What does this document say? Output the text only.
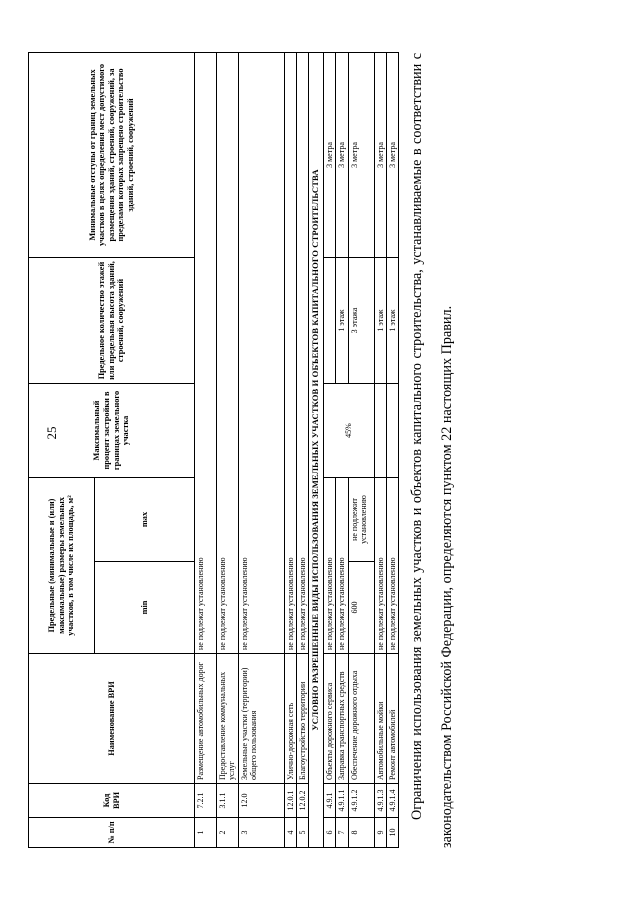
25
№ п/п	Код ВРИ	Наименование ВРИ	Предельные (минимальные и (или) максимальные) размеры земельных участков, в том числе их площадь, м²		Максимальный процент застройки в границах земельного участка	Предельное количество этажей или предельная высота зданий, строений, сооружений	Минимальные отступы от границ земельных участков в целях определения мест допустимого размещения зданий, строений, сооружений, за пределами которых запрещено строительство зданий, строений, сооружений
			min	max			
1	7.2.1	Размещение автомобильных дорог	не подлежат установлению				
2	3.1.1	Предоставление коммунальных услуг	не подлежат установлению				
3	12.0	Земельные участки (территории) общего пользования	не подлежат установлению				
4	12.0.1	Улично-дорожная сеть	не подлежат установлению				
5	12.0.2	Благоустройство территории	не подлежат установлению				
УСЛОВНО РАЗРЕШЕННЫЕ ВИДЫ ИСПОЛЬЗОВАНИЯ ЗЕМЕЛЬНЫХ УЧАСТКОВ И ОБЪЕКТОВ КАПИТАЛЬНОГО СТРОИТЕЛЬСТВА							
6	4.9.1	Объекты дорожного сервиса	не подлежат установлению		45%		3 метра
7	4.9.1.1	Заправка транспортных средств	не подлежат установлению			1 этаж	3 метра
8	4.9.1.2	Обеспечение дорожного отдыха	600	не подлежит установлению		3 этажа	3 метра
9	4.9.1.3	Автомобильные мойки	не подлежат установлению			1 этаж	3 метра
10	4.9.1.4	Ремонт автомобилей	не подлежат установлению			1 этаж	3 метра Ограничения использования земельных участков и объектов капитального строительства, устанавливаемые в соответствии с законодательством Российской Федерации, определяются пунктом 22 настоящих Правил.
